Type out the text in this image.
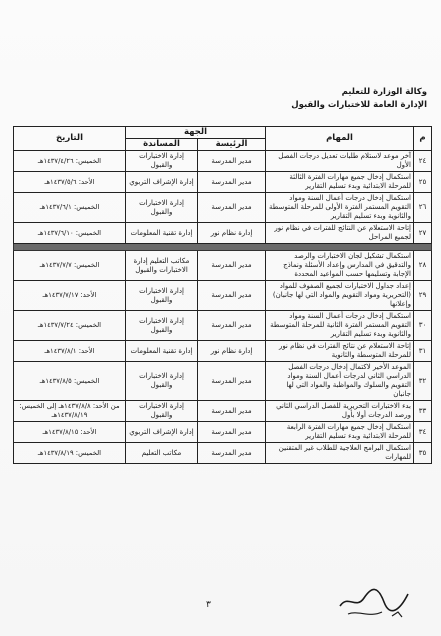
وكالة الوزارة للتعليم
الإدارة العامة للاختبارات والقبول
م	المهام	الجهة		التاريخ
		الرئيسة	المساندة	
٢٤	آخر موعد لاستلام طلبات تعديل درجات الفصل الأول	مدير المدرسة	إدارة الاختبارات والقبول	الخميس: ١٤٣٧/٤/٢٦هـ
٢٥	استكمال إدخال جميع مهارات الفترة الثالثة للمرحلة الابتدائية وبدء تسليم التقارير	مدير المدرسة	إدارة الإشراف التربوي	الأحد: ١٤٣٧/٥/٦هـ
٢٦	استكمال إدخال درجات أعمال السنة ومواد التقويم المستمر الفترة الأولى للمرحلة المتوسطة والثانوية وبدء تسليم التقارير	مدير المدرسة	إدارة الاختبارات والقبول	الخميس: ١٤٣٧/٦/١هـ
٢٧	إتاحة الاستعلام عن النتائج للفترات في نظام نور لجميع المراحل	إدارة نظام نور	إدارة تقنية المعلومات	الخميس: ١٤٣٧/٦/١٠هـ

٢٨	استكمال تشكيل لجان الاختبارات والرصد والتدقيق في المدارس وإعداد الأسئلة ونماذج الإجابة وتسليمها حسب المواعيد المحددة	مدير المدرسة	مكاتب التعليم إدارة الاختبارات والقبول	الخميس: ١٤٣٧/٧/٧هـ
٢٩	إعداد جداول الاختبارات لجميع الصفوف للمواد (التحريرية ومواد التقويم والمواد التي لها جانبان) وإعلانها	مدير المدرسة	إدارة الاختبارات والقبول	الأحد: ١٤٣٧/٧/١٧هـ
٣٠	استكمال إدخال درجات أعمال السنة ومواد التقويم المستمر الفترة الثانية للمرحلة المتوسطة والثانوية وبدء تسليم التقارير	مدير المدرسة	إدارة الاختبارات والقبول	الخميس: ١٤٣٧/٧/٢٤هـ
٣١	إتاحة الاستعلام عن نتائج الفترات في نظام نور للمرحلة المتوسطة والثانوية	إدارة نظام نور	إدارة تقنية المعلومات	الأحد: ١٤٣٧/٨/١هـ
٣٢	الموعد الأخير لاكتمال إدخال درجات الفصل الدراسي الثاني لدرجات أعمال السنة ومواد التقويم والسلوك والمواظبة والمواد التي لها جانبان	مدير المدرسة	إدارة الاختبارات والقبول	الخميس: ١٤٣٧/٨/٥هـ
٣٣	بدء الاختبارات التحريرية للفصل الدراسي الثاني ورصد الدرجات أولا بأول	مدير المدرسة	إدارة الاختبارات والقبول	من الأحد: ١٤٣٧/٨/٨هـ إلى الخميس: ١٤٣٧/٨/١٩هـ
٣٤	استكمال إدخال جميع مهارات الفترة الرابعة للمرحلة الابتدائية وبدء تسليم التقارير	مدير المدرسة	إدارة الإشراف التربوي	الأحد: ١٤٣٧/٨/١٥هـ
٣٥	استكمال البرامج العلاجية للطلاب غير المتقنين للمهارات	مدير المدرسة	مكاتب التعليم	الخميس: ١٤٣٧/٨/١٩هـ
٣
